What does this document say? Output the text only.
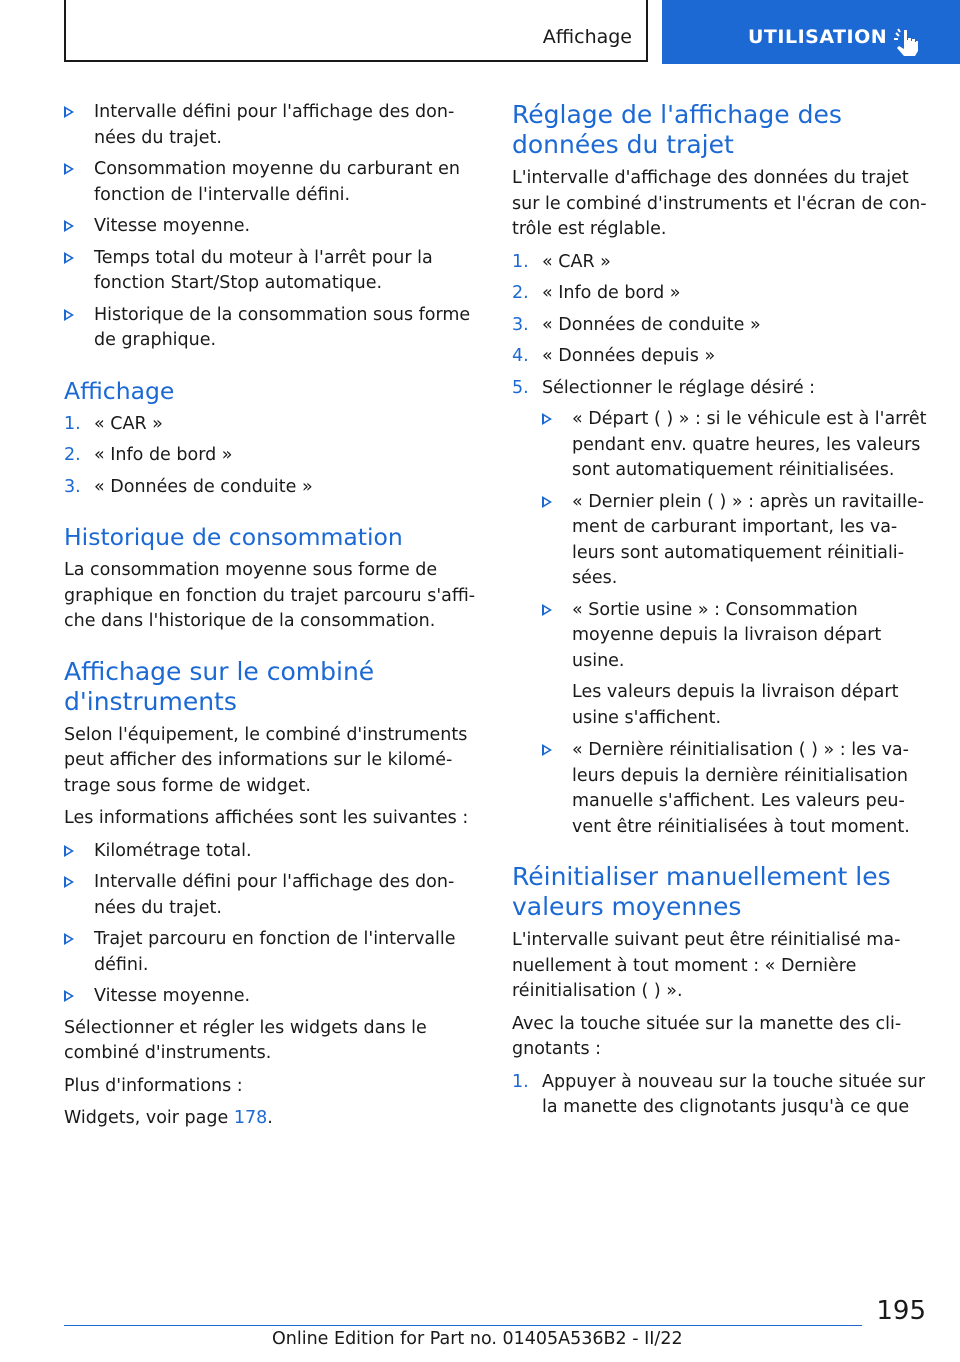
Affichage	UTILISATION
Intervalle défini pour l'affichage des données du trajet.
Consommation moyenne du carburant en fonction de l'intervalle défini.
Vitesse moyenne.
Temps total du moteur à l'arrêt pour la fonction Start/Stop automatique.
Historique de la consommation sous forme de graphique.
Affichage
1. « CAR »
2. « Info de bord »
3. « Données de conduite »
Historique de consommation

La consommation moyenne sous forme de graphique en fonction du trajet parcouru s'affiche dans l'historique de la consommation.

Affichage sur le combiné d'instruments

Selon l'équipement, le combiné d'instruments peut afficher des informations sur le kilométrage sous forme de widget.

Les informations affichées sont les suivantes :

Kilométrage total.
Intervalle défini pour l'affichage des données du trajet.
Trajet parcouru en fonction de l'intervalle défini.
Vitesse moyenne.

Sélectionner et régler les widgets dans le combiné d'instruments.

Plus d'informations :

Widgets, voir page 178.

Réglage de l'affichage des données du trajet

L'intervalle d'affichage des données du trajet sur le combiné d'instruments et l'écran de contrôle est réglable.

1. « CAR »
2. « Info de bord »
3. « Données de conduite »
4. « Données depuis »
5. Sélectionner le réglage désiré :
« Départ ( ) » : si le véhicule est à l'arrêt pendant env. quatre heures, les valeurs sont automatiquement réinitialisées.
« Dernier plein ( ) » : après un ravitaillement de carburant important, les valeurs sont automatiquement réinitialisées.
« Sortie usine » : Consommation moyenne depuis la livraison départ usine.

Les valeurs depuis la livraison départ usine s'affichent.

« Dernière réinitialisation ( ) » : les valeurs depuis la dernière réinitialisation manuelle s'affichent. Les valeurs peuvent être réinitialisées à tout moment.
Réinitialiser manuellement les valeurs moyennes

L'intervalle suivant peut être réinitialisé manuellement à tout moment : « Dernière réinitialisation ( ) ».

Avec la touche située sur la manette des clignotants :

1. Appuyer à nouveau sur la touche située sur la manette des clignotants jusqu'à ce que
195
Online Edition for Part no. 01405A536B2 - II/22
